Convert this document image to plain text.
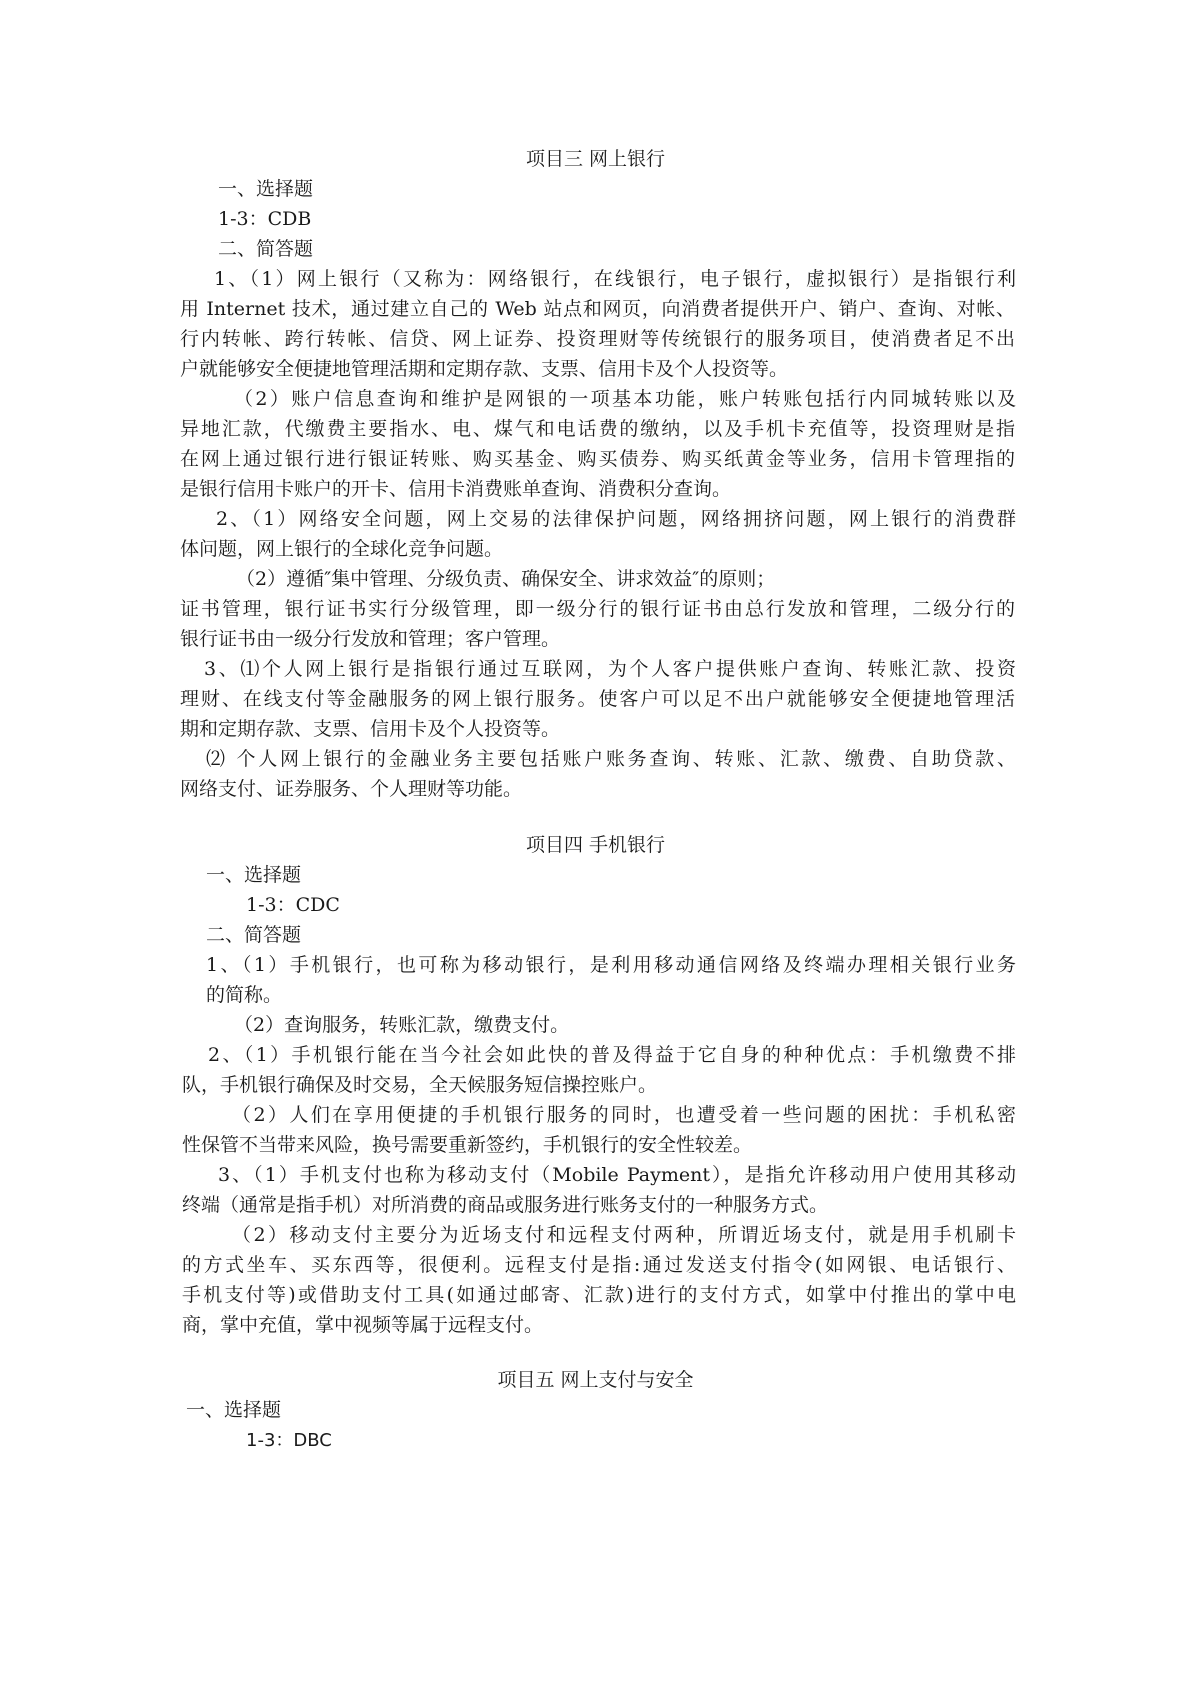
项目三 网上银行
一、选择题
1-3：CDB
二、简答题
1、（1）网上银行（又称为：网络银行，在线银行，电子银行，虚拟银行）是指银行利
用 Internet 技术，通过建立自己的 Web 站点和网页，向消费者提供开户、销户、查询、对帐、
行内转帐、跨行转帐、信贷、网上证券、投资理财等传统银行的服务项目，使消费者足不出
户就能够安全便捷地管理活期和定期存款、支票、信用卡及个人投资等。
（2）账户信息查询和维护是网银的一项基本功能，账户转账包括行内同城转账以及
异地汇款，代缴费主要指水、电、煤气和电话费的缴纳，以及手机卡充值等，投资理财是指
在网上通过银行进行银证转账、购买基金、购买债券、购买纸黄金等业务，信用卡管理指的
是银行信用卡账户的开卡、信用卡消费账单查询、消费积分查询。
2、（1）网络安全问题，网上交易的法律保护问题，网络拥挤问题，网上银行的消费群
体问题，网上银行的全球化竞争问题。
（2）遵循″集中管理、分级负责、确保安全、讲求效益″的原则；
证书管理，银行证书实行分级管理，即一级分行的银行证书由总行发放和管理，二级分行的
银行证书由一级分行发放和管理；客户管理。
3、⑴个人网上银行是指银行通过互联网，为个人客户提供账户查询、转账汇款、投资
理财、在线支付等金融服务的网上银行服务。使客户可以足不出户就能够安全便捷地管理活
期和定期存款、支票、信用卡及个人投资等。
⑵ 个人网上银行的金融业务主要包括账户账务查询、转账、汇款、缴费、自助贷款、
网络支付、证券服务、个人理财等功能。
项目四 手机银行
一、选择题
1-3：CDC
二、简答题
1、（1）手机银行，也可称为移动银行，是利用移动通信网络及终端办理相关银行业务
的简称。
（2）查询服务，转账汇款，缴费支付。
2、（1）手机银行能在当今社会如此快的普及得益于它自身的种种优点：手机缴费不排
队，手机银行确保及时交易，全天候服务短信操控账户。
（2）人们在享用便捷的手机银行服务的同时，也遭受着一些问题的困扰：手机私密
性保管不当带来风险，换号需要重新签约，手机银行的安全性较差。
3、（1）手机支付也称为移动支付（Mobile Payment），是指允许移动用户使用其移动
终端（通常是指手机）对所消费的商品或服务进行账务支付的一种服务方式。
（2）移动支付主要分为近场支付和远程支付两种，所谓近场支付，就是用手机刷卡
的方式坐车、买东西等，很便利。远程支付是指:通过发送支付指令(如网银、电话银行、
手机支付等)或借助支付工具(如通过邮寄、汇款)进行的支付方式，如掌中付推出的掌中电
商，掌中充值，掌中视频等属于远程支付。
项目五 网上支付与安全
一、选择题
1-3：DBC
